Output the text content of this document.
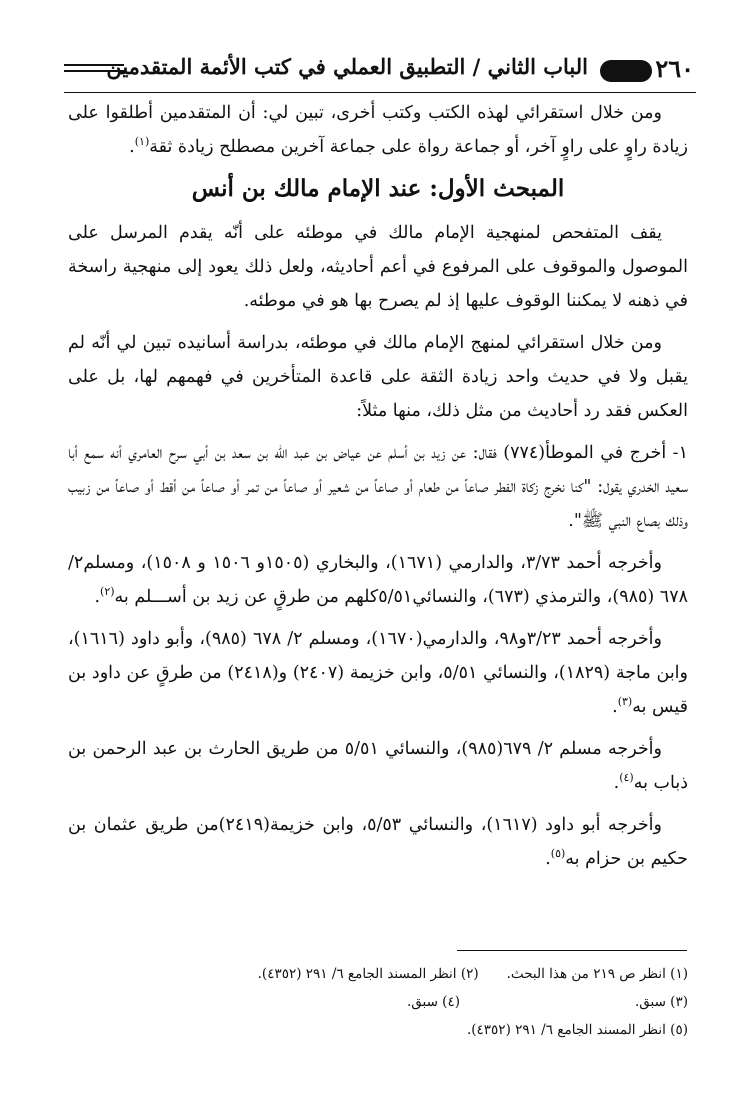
٢٦٠
الباب الثاني / التطبيق العملي في كتب الأئمة المتقدمين

ومن خلال استقرائي لهذه الكتب وكتب أخرى، تبين لي: أن المتقدمين أطلقوا على زيادة راوٍ على راوٍ آخر، أو جماعة رواة على جماعة آخرين مصطلح زيادة ثقة$^{(١)}$.

المبحث الأول: عند الإمام مالك بن أنس

يقف المتفحص لمنهجية الإمام مالك في موطئه على أنّه يقدم المرسل على الموصول والموقوف على المرفوع في أعم أحاديثه، ولعل ذلك يعود إلى منهجية راسخة في ذهنه لا يمكننا الوقوف عليها إذ لم يصرح بها هو في موطئه.

ومن خلال استقرائي لمنهج الإمام مالك في موطئه، بدراسة أسانيده تبين لي أنّه لم يقبل ولا في حديث واحد زيادة الثقة على قاعدة المتأخرين في فهمهم لها، بل على العكس فقد رد أحاديث من مثل ذلك، منها مثلاً:

١- أخرج في الموطأ(٧٧٤) فقال: عن زيد بن أسلم عن عياض بن عبد الله بن سعد بن أبي سرح العامري أنه سمع أبا سعيد الخدري يقول: "كنا نخرج زكاة الفطر صاعاً من طعام أو صاعاً من شعير أو صاعاً من تمر أو صاعاً من أقط أو صاعاً من زبيب وذلك بصاع النبي ﷺ".

وأخرجه أحمد ٣/٧٣، والدارمي (١٦٧١)، والبخاري (١٥٠٥و ١٥٠٦ و ١٥٠٨)، ومسلم٢/ ٦٧٨ (٩٨٥)، والترمذي (٦٧٣)، والنسائي٥/٥١كلهم من طرقٍ عن زيد بن أســـلم به$^{(٢)}$.

وأخرجه أحمد ٣/٢٣و٩٨، والدارمي(١٦٧٠)، ومسلم ٢/ ٦٧٨ (٩٨٥)، وأبو داود (١٦١٦)، وابن ماجة (١٨٢٩)، والنسائي ٥/٥١، وابن خزيمة (٢٤٠٧) و(٢٤١٨) من طرقٍ عن داود بن قيس به$^{(٣)}$.

وأخرجه مسلم ٢/ ٦٧٩(٩٨٥)، والنسائي ٥/٥١ من طريق الحارث بن عبد الرحمن بن ذباب به$^{(٤)}$.

وأخرجه أبو داود (١٦١٧)، والنسائي ٥/٥٣، وابن خزيمة(٢٤١٩)من طريق عثمان بن حكيم بن حزام به$^{(٥)}$.

(١) انظر ص ٢١٩ من هذا البحث.
(٢) انظر المسند الجامع ٦/ ٢٩١ (٤٣٥٢).
(٣) سبق.
(٤) سبق.
(٥) انظر المسند الجامع ٦/ ٢٩١ (٤٣٥٢).
